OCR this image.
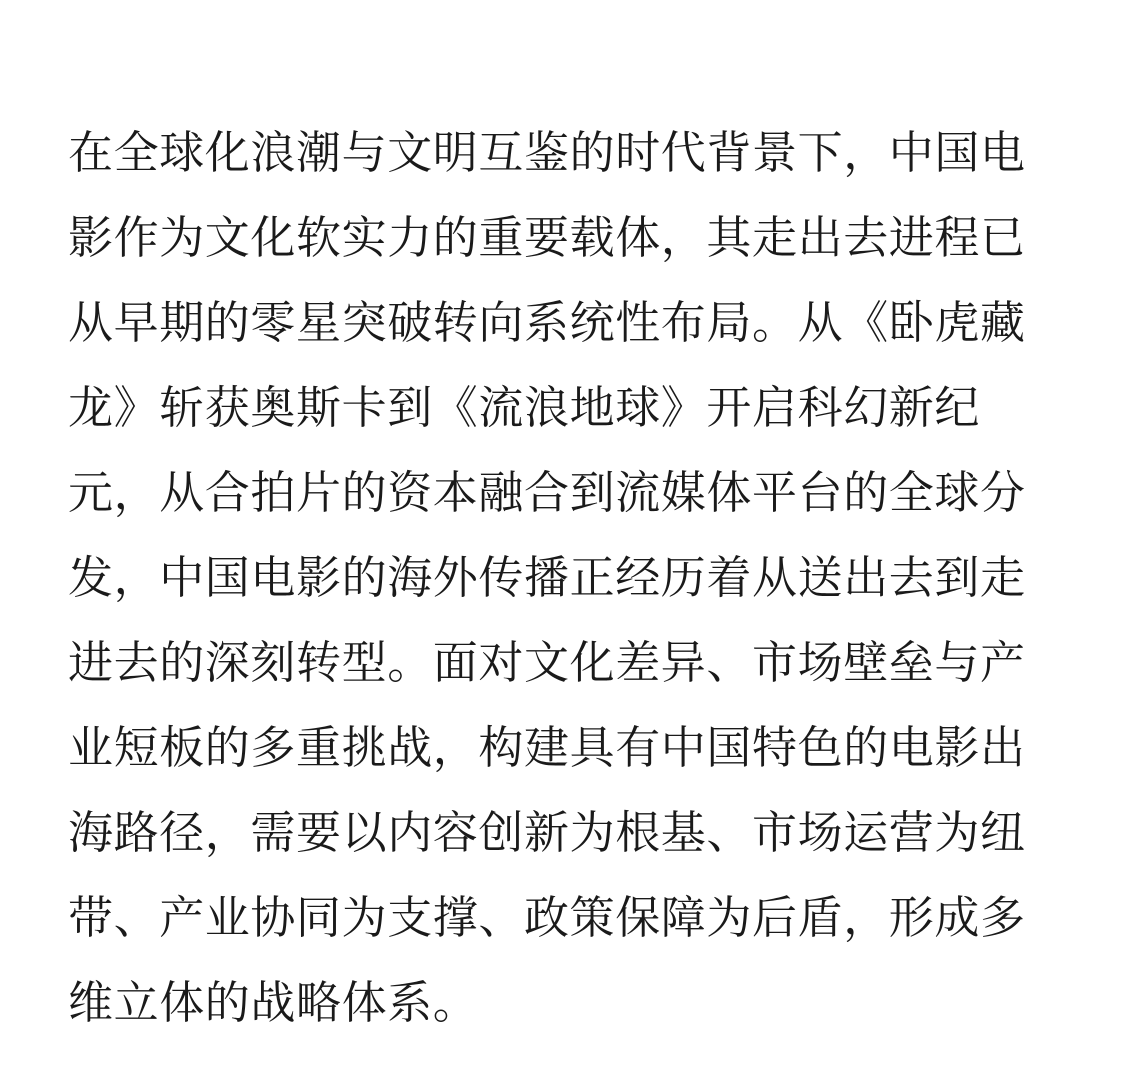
在全球化浪潮与文明互鉴的时代背景下，中国电
影作为文化软实力的重要载体，其走出去进程已
从早期的零星突破转向系统性布局。从《卧虎藏
龙》斩获奥斯卡到《流浪地球》开启科幻新纪
元，从合拍片的资本融合到流媒体平台的全球分
发，中国电影的海外传播正经历着从送出去到走
进去的深刻转型。面对文化差异、市场壁垒与产
业短板的多重挑战，构建具有中国特色的电影出
海路径，需要以内容创新为根基、市场运营为纽
带、产业协同为支撑、政策保障为后盾，形成多
维立体的战略体系。
